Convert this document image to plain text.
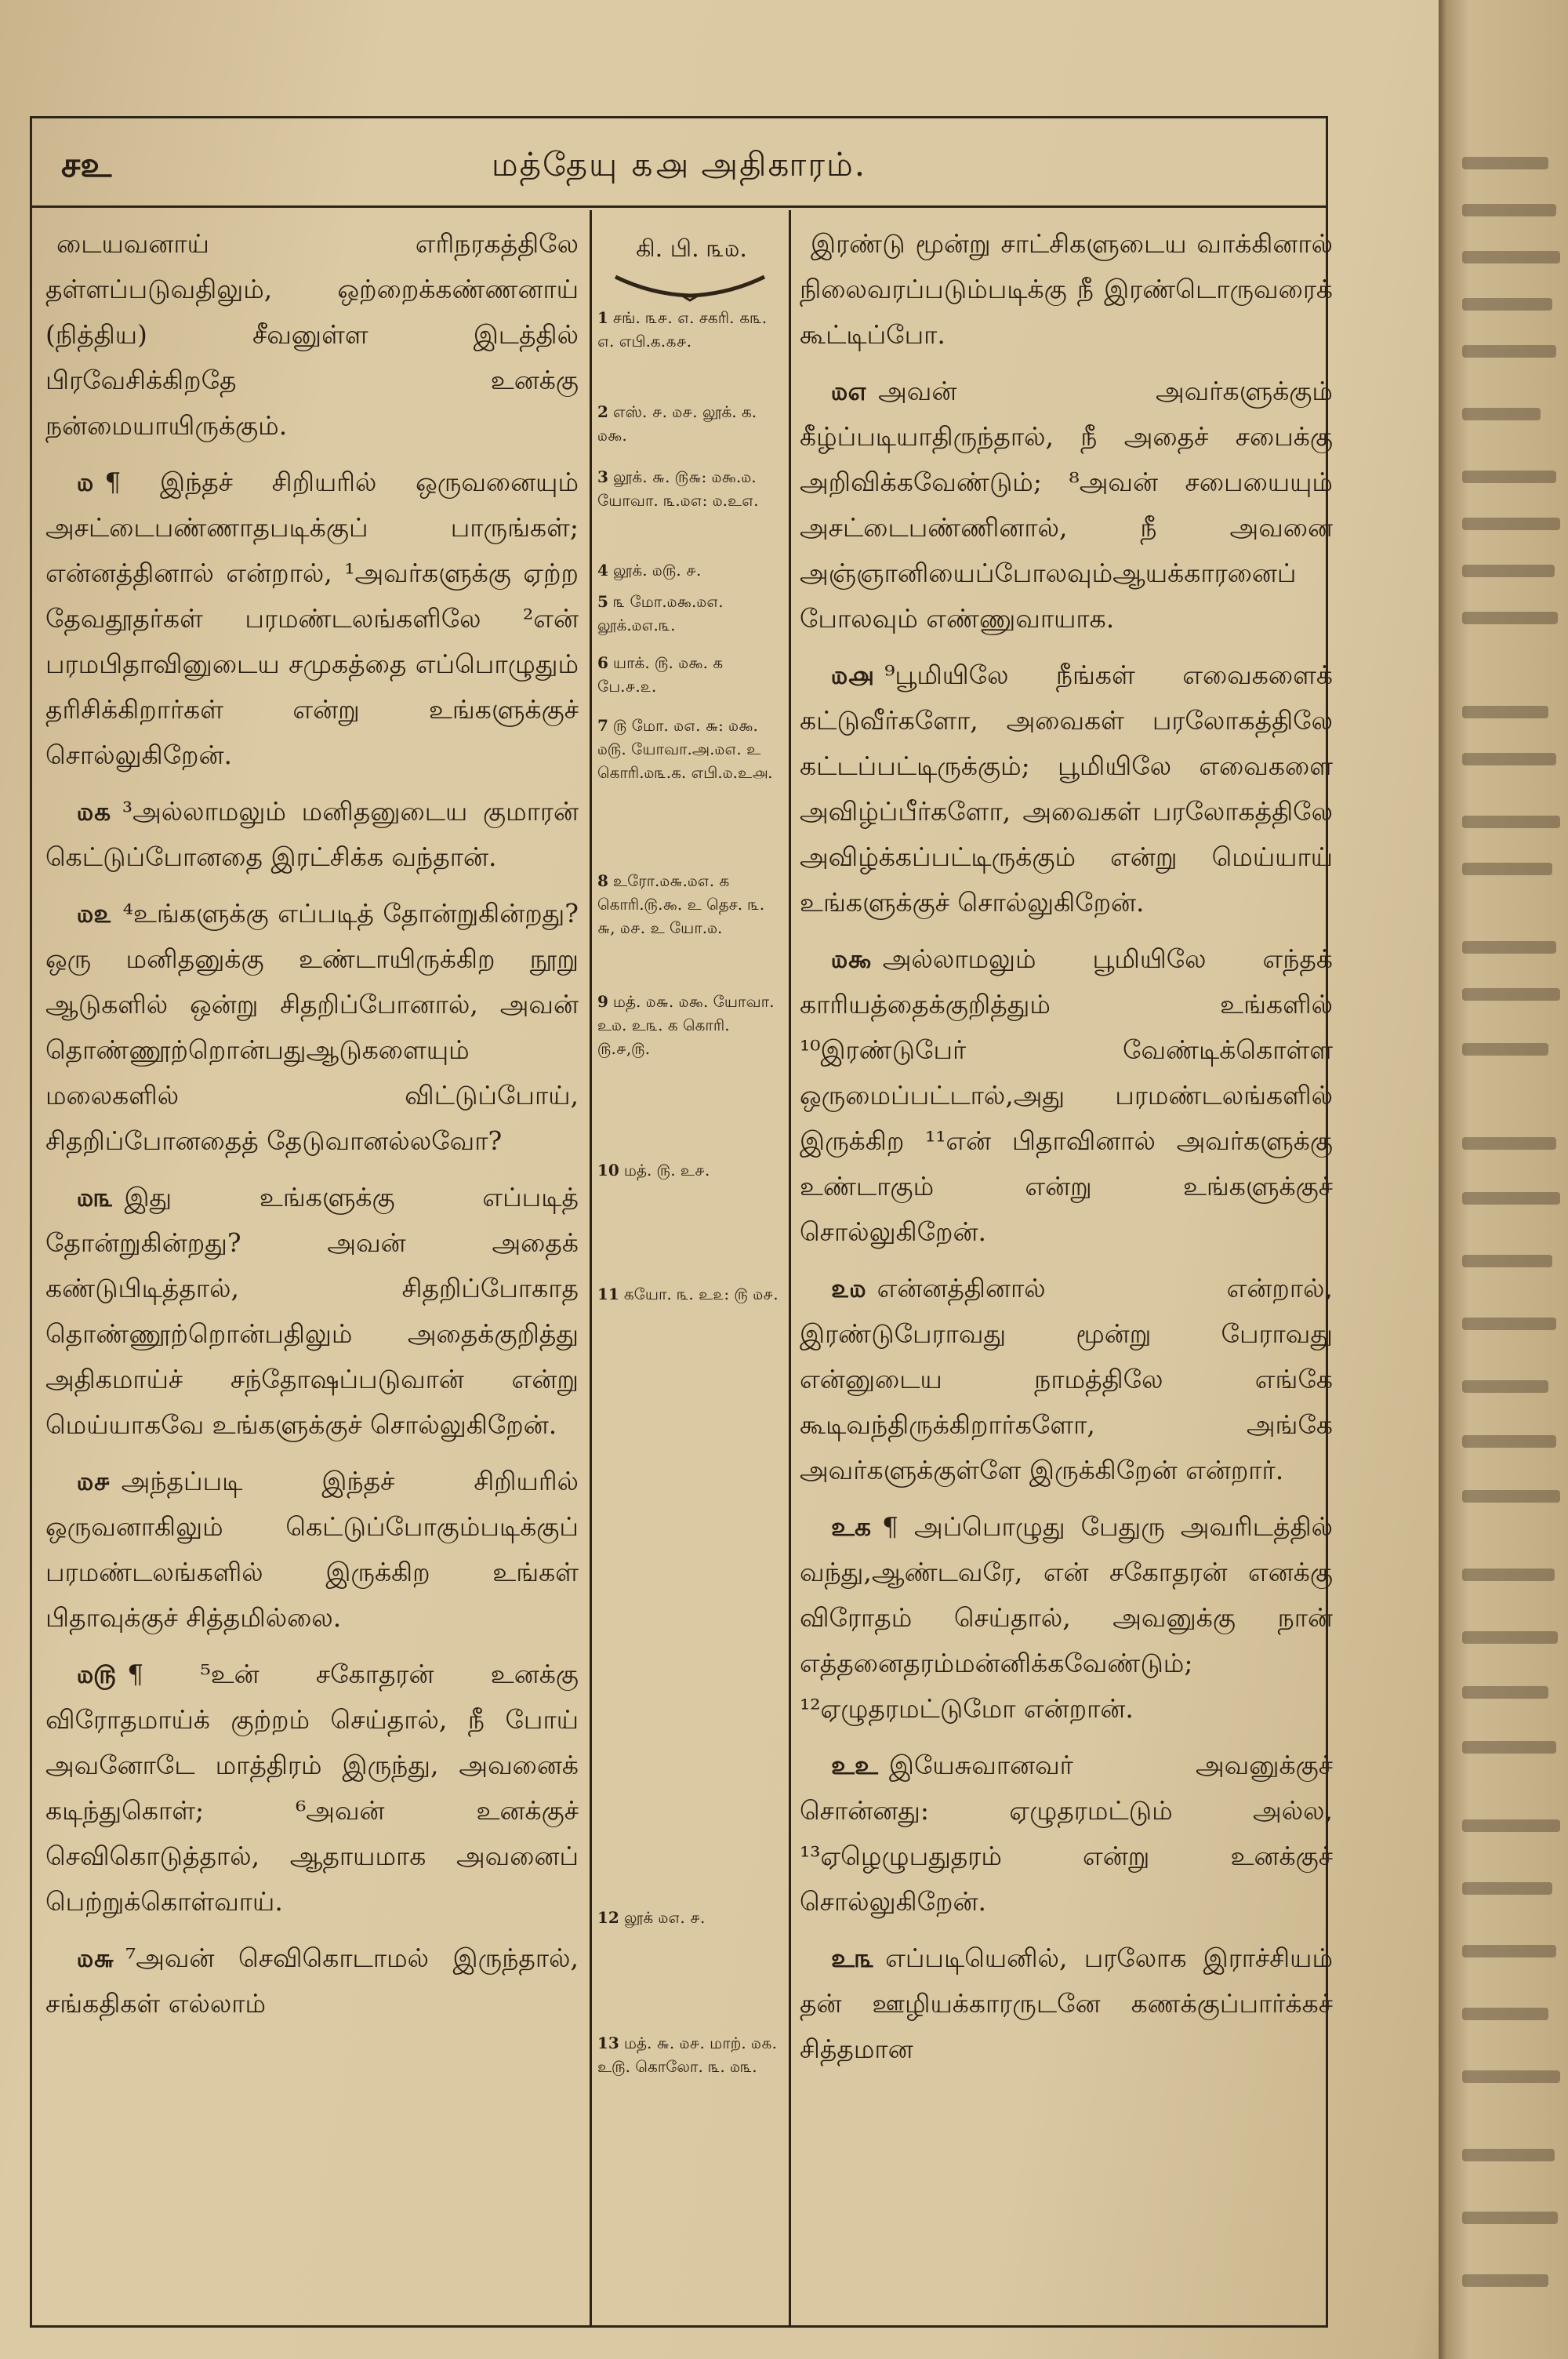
சஉ	மத்தேயு ௧௮ அதிகாரம்.
கி. பி. ௩௰.
1 சங். ௩௪. ௭. சகரி. ௧௩. ௭. எபி.க.௧௪.
2 எஸ். ௪. ௰௪. லூக். க. ௰௯.
3 லூக். ௬. ௫௬: ௰௯.௰. யோவா. ௩.௰௭: ௰.உ௭.
4 லூக். ௰௫. ௪.
5 ௩ மோ.௰௯.௰௭. லூக்.௰௭.௩.
6 யாக். ௫. ௰௯. க பே.௪.௨.
7 ௫ மோ. ௰௭. ௬: ௰௯. ௰௫. யோவா.அ.௰௭. உ கொரி.௰௩.க. எபி.௰.உ௮.
8 உரோ.௰௬.௰௭. க கொரி.௫.௯. உ தெச. ௩. ௬, ௰௪. உ யோ.௰.
9 மத். ௰௬. ௰௯. யோவா. உ௰. உ௩. க கொரி. ௫.௪,௫.
10 மத். ௫. உ௪.
11 கயோ. ௩. உ௨: ௫ ௰௪.
12 லூக் ௰௭. ௪.
13 மத். ௬. ௰௪. மாற். ௰௧. உ௫. கொலோ. ௩. ௰௩.

டையவனாய் எரிநரகத்திலே தள்ளப்படுவதிலும், ஒற்றைக்கண்ணனாய் (நித்திய) சீவனுள்ள இடத்தில் பிரவேசிக்கிறதே உனக்கு நன்மையாயிருக்கும்.

௰ ¶ இந்தச் சிறியரில் ஒருவனையும் அசட்டைபண்ணாதபடிக்குப் பாருங்கள்; என்னத்தினால் என்றால், ¹அவர்களுக்கு ஏற்ற தேவதூதர்கள் பரமண்டலங்களிலே ²என் பரமபிதாவினுடைய சமுகத்தை எப்பொழுதும் தரிசிக்கிறார்கள் என்று உங்களுக்குச் சொல்லுகிறேன்.

௰௧ ³அல்லாமலும் மனிதனுடைய குமாரன் கெட்டுப்போனதை இரட்சிக்க வந்தான்.

௰௨ ⁴உங்களுக்கு எப்படித் தோன்றுகின்றது? ஒரு மனிதனுக்கு உண்டாயிருக்கிற நூறு ஆடுகளில் ஒன்று சிதறிப்போனால், அவன் தொண்ணூற்றொன்பதுஆடுகளையும் மலைகளில் விட்டுப்போய், சிதறிப்போனதைத் தேடுவானல்லவோ?

௰௩ இது உங்களுக்கு எப்படித் தோன்றுகின்றது? அவன் அதைக் கண்டுபிடித்தால், சிதறிப்போகாத தொண்ணூற்றொன்பதிலும் அதைக்குறித்து அதிகமாய்ச் சந்தோஷப்படுவான் என்று மெய்யாகவே உங்களுக்குச் சொல்லுகிறேன்.

௰௪ அந்தப்படி இந்தச் சிறியரில் ஒருவனாகிலும் கெட்டுப்போகும்படிக்குப் பரமண்டலங்களில் இருக்கிற உங்கள் பிதாவுக்குச் சித்தமில்லை.

௰௫ ¶ ⁵உன் சகோதரன் உனக்கு விரோதமாய்க் குற்றம் செய்தால், நீ போய் அவனோடே மாத்திரம் இருந்து, அவனைக் கடிந்துகொள்; ⁶அவன் உனக்குச் செவிகொடுத்தால், ஆதாயமாக அவனைப் பெற்றுக்கொள்வாய்.

௰௬ ⁷அவன் செவிகொடாமல் இருந்தால், சங்கதிகள் எல்லாம்

இரண்டு மூன்று சாட்சிகளுடைய வாக்கினால் நிலைவரப்படும்படிக்கு நீ இரண்டொருவரைக் கூட்டிப்போ.

௰௭ அவன் அவர்களுக்கும் கீழ்ப்படியாதிருந்தால், நீ அதைச் சபைக்கு அறிவிக்கவேண்டும்; ⁸அவன் சபையையும் அசட்டைபண்ணினால், நீ அவனை அஞ்ஞானியைப்போலவும்ஆயக்காரனைப் போலவும் எண்ணுவாயாக.

௰௮ ⁹பூமியிலே நீங்கள் எவைகளைக் கட்டுவீர்களோ, அவைகள் பரலோகத்திலே கட்டப்பட்டிருக்கும்; பூமியிலே எவைகளை அவிழ்ப்பீர்களோ, அவைகள் பரலோகத்திலே அவிழ்க்கப்பட்டிருக்கும் என்று மெய்யாய் உங்களுக்குச் சொல்லுகிறேன்.

௰௯ அல்லாமலும் பூமியிலே எந்தக் காரியத்தைக்குறித்தும் உங்களில் ¹⁰இரண்டுபேர் வேண்டிக்கொள்ள ஒருமைப்பட்டால்,அது பரமண்டலங்களில் இருக்கிற ¹¹என் பிதாவினால் அவர்களுக்கு உண்டாகும் என்று உங்களுக்குச் சொல்லுகிறேன்.

௨௰ என்னத்தினால் என்றால், இரண்டுபேராவது மூன்று பேராவது என்னுடைய நாமத்திலே எங்கே கூடிவந்திருக்கிறார்களோ, அங்கே அவர்களுக்குள்ளே இருக்கிறேன் என்றார்.

உக ¶ அப்பொழுது பேதுரு அவரிடத்தில் வந்து,ஆண்டவரே, என் சகோதரன் எனக்கு விரோதம் செய்தால், அவனுக்கு நான் எத்தனைதரம்மன்னிக்கவேண்டும்; ¹²ஏழுதரமட்டுமோ என்றான்.

உஉ இயேசுவானவர் அவனுக்குச் சொன்னது: ஏழுதரமட்டும் அல்ல, ¹³ஏழெழுபதுதரம் என்று உனக்குச் சொல்லுகிறேன்.

உ௩ எப்படியெனில், பரலோக இராச்சியம் தன் ஊழியக்காரருடனே கணக்குப்பார்க்கச் சித்தமான
